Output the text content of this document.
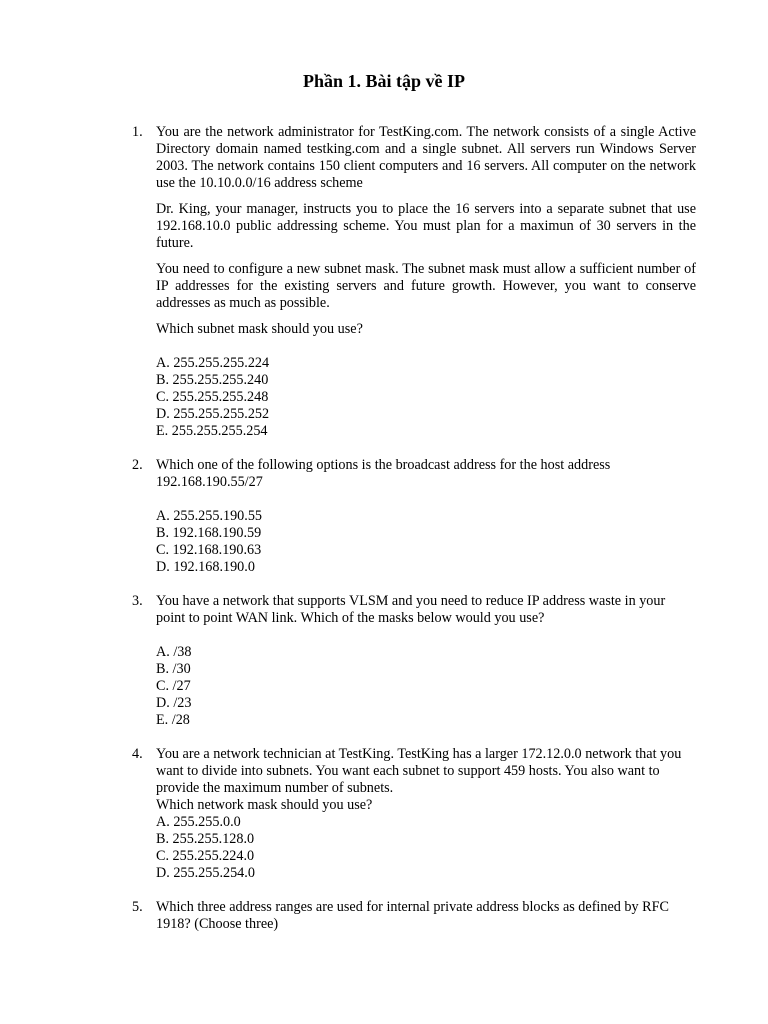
Phần 1. Bài tập về IP
1. You are the network administrator for TestKing.com. The network consists of a single Active Directory domain named testking.com and a single subnet. All servers run Windows Server 2003. The network contains 150 client computers and 16 servers. All computer on the network use the 10.10.0.0/16 address scheme

Dr. King, your manager, instructs you to place the 16 servers into a separate subnet that use 192.168.10.0 public addressing scheme. You must plan for a maximun of 30 servers in the future.

You need to configure a new subnet mask. The subnet mask must allow a sufficient number of IP addresses for the existing servers and future growth. However, you want to conserve addresses as much as possible.

Which subnet mask should you use?

A. 255.255.255.224
B. 255.255.255.240
C. 255.255.255.248
D. 255.255.255.252
E. 255.255.255.254
2. Which one of the following options is the broadcast address for the host address 192.168.190.55/27

A. 255.255.190.55
B. 192.168.190.59
C. 192.168.190.63
D. 192.168.190.0
3. You have a network that supports VLSM and you need to reduce IP address waste in your point to point WAN link. Which of the masks below would you use?

A. /38
B. /30
C. /27
D. /23
E. /28
4. You are a network technician at TestKing. TestKing has a larger 172.12.0.0 network that you want to divide into subnets. You want each subnet to support 459 hosts. You also want to provide the maximum number of subnets.

Which network mask should you use?

A. 255.255.0.0
B. 255.255.128.0
C. 255.255.224.0
D. 255.255.254.0
5. Which three address ranges are used for internal private address blocks as defined by RFC 1918? (Choose three)
